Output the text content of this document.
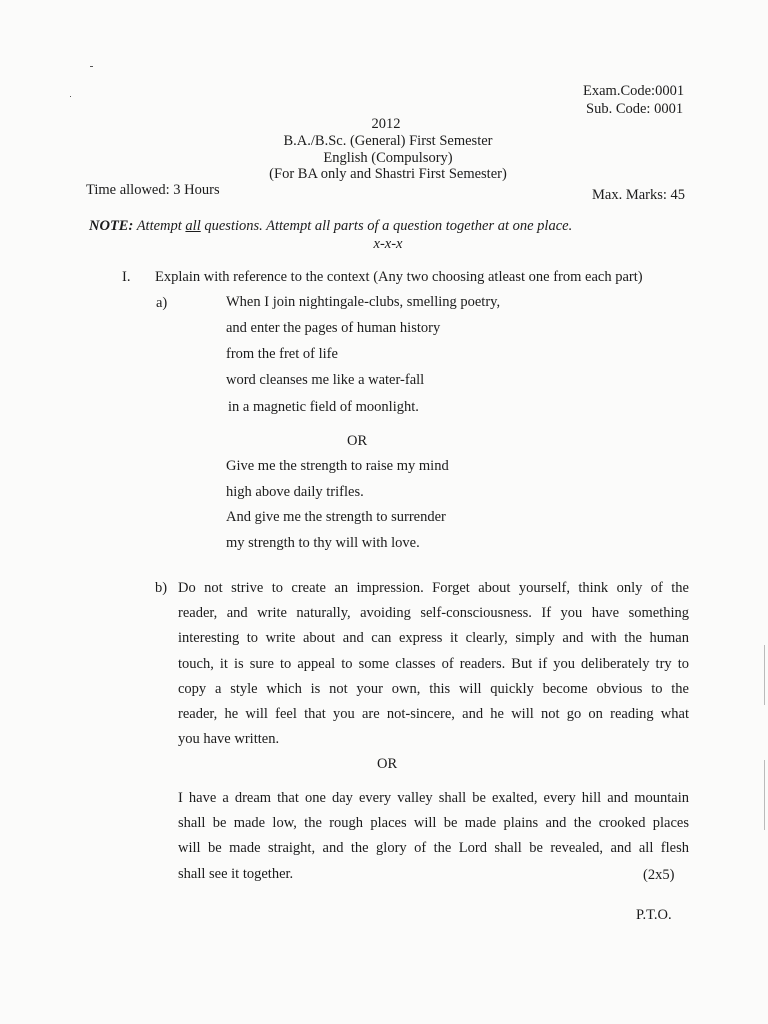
Exam.Code:0001
Sub. Code: 0001
2012
B.A./B.Sc. (General) First Semester
English (Compulsory)
(For BA only and Shastri First Semester)
Time allowed: 3 Hours	Max. Marks: 45
NOTE: Attempt all questions. Attempt all parts of a question together at one place.
x-x-x
I. Explain with reference to the context (Any two choosing atleast one from each part)
a)	When I join nightingale-clubs, smelling poetry,
and enter the pages of human history
from the fret of life
word cleanses me like a water-fall
in a magnetic field of moonlight.
OR
Give me the strength to raise my mind
high above daily trifles.
And give me the strength to surrender
my strength to thy will with love.
b) Do not strive to create an impression. Forget about yourself, think only of the
reader, and write naturally, avoiding self-consciousness. If you have something
interesting to write about and can express it clearly, simply and with the human
touch, it is sure to appeal to some classes of readers. But if you deliberately try to
copy a style which is not your own, this will quickly become obvious to the
reader, he will feel that you are not-sincere, and he will not go on reading what
you have written.
OR
I have a dream that one day every valley shall be exalted, every hill and mountain
shall be made low, the rough places will be made plains and the crooked places
will be made straight, and the glory of the Lord shall be revealed, and all flesh
shall see it together.	(2x5)
P.T.O.
